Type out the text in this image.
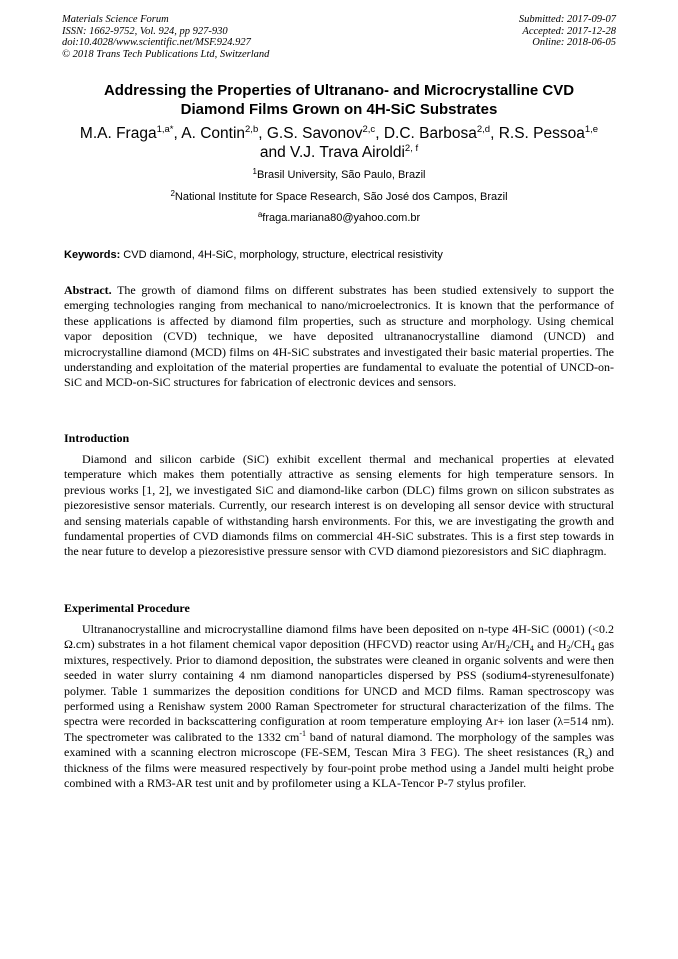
Materials Science Forum
ISSN: 1662-9752, Vol. 924, pp 927-930
doi:10.4028/www.scientific.net/MSF.924.927
© 2018 Trans Tech Publications Ltd, Switzerland
Submitted: 2017-09-07
Accepted: 2017-12-28
Online: 2018-06-05
Addressing the Properties of Ultranano- and Microcrystalline CVD
Diamond Films Grown on 4H-SiC Substrates
M.A. Fraga$^{1,a*}$, A. Contin$^{2,b}$, G.S. Savonov$^{2,c}$, D.C. Barbosa$^{2,d}$, R.S. Pessoa$^{1,e}$
and V.J. Trava Airoldi$^{2, f}$
$^1$Brasil University, São Paulo, Brazil
$^2$National Institute for Space Research, São José dos Campos, Brazil
$^a$fraga.mariana80@yahoo.com.br
Keywords: CVD diamond, 4H-SiC, morphology, structure, electrical resistivity
Abstract. The growth of diamond films on different substrates has been studied extensively to support the emerging technologies ranging from mechanical to nano/microelectronics. It is known that the performance of these applications is affected by diamond film properties, such as structure and morphology. Using chemical vapor deposition (CVD) technique, we have deposited ultrananocrystalline diamond (UNCD) and microcrystalline diamond (MCD) films on 4H-SiC substrates and investigated their basic material properties. The understanding and exploitation of the material properties are fundamental to evaluate the potential of UNCD-on-SiC and MCD-on-SiC structures for fabrication of electronic devices and sensors.
Introduction
Diamond and silicon carbide (SiC) exhibit excellent thermal and mechanical properties at elevated temperature which makes them potentially attractive as sensing elements for high temperature sensors. In previous works [1, 2], we investigated SiC and diamond-like carbon (DLC) films grown on silicon substrates as piezoresistive sensor materials. Currently, our research interest is on developing all sensor device with structural and sensing materials capable of withstanding harsh environments. For this, we are investigating the growth and fundamental properties of CVD diamonds films on commercial 4H-SiC substrates. This is a first step towards in the near future to develop a piezoresistive pressure sensor with CVD diamond piezoresistors and SiC diaphragm.
Experimental Procedure
Ultrananocrystalline and microcrystalline diamond films have been deposited on n-type 4H-SiC (0001) (<0.2 Ω.cm) substrates in a hot filament chemical vapor deposition (HFCVD) reactor using $Ar/H_2/CH_4$ and $H_2/CH_4$ gas mixtures, respectively. Prior to diamond deposition, the substrates were cleaned in organic solvents and were then seeded in water slurry containing 4 nm diamond nanoparticles dispersed by PSS (sodium4-styrenesulfonate) polymer. Table 1 summarizes the deposition conditions for UNCD and MCD films. Raman spectroscopy was performed using a Renishaw system 2000 Raman Spectrometer for structural characterization of the films. The spectra were recorded in backscattering configuration at room temperature employing Ar+ ion laser (λ=514 nm). The spectrometer was calibrated to the 1332 $cm^{-1}$ band of natural diamond. The morphology of the samples was examined with a scanning electron microscope (FE-SEM, Tescan Mira 3 FEG). The sheet resistances $(R_s)$ and thickness of the films were measured respectively by four-point probe method using a Jandel multi height probe combined with a RM3-AR test unit and by profilometer using a KLA-Tencor P-7 stylus profiler.
